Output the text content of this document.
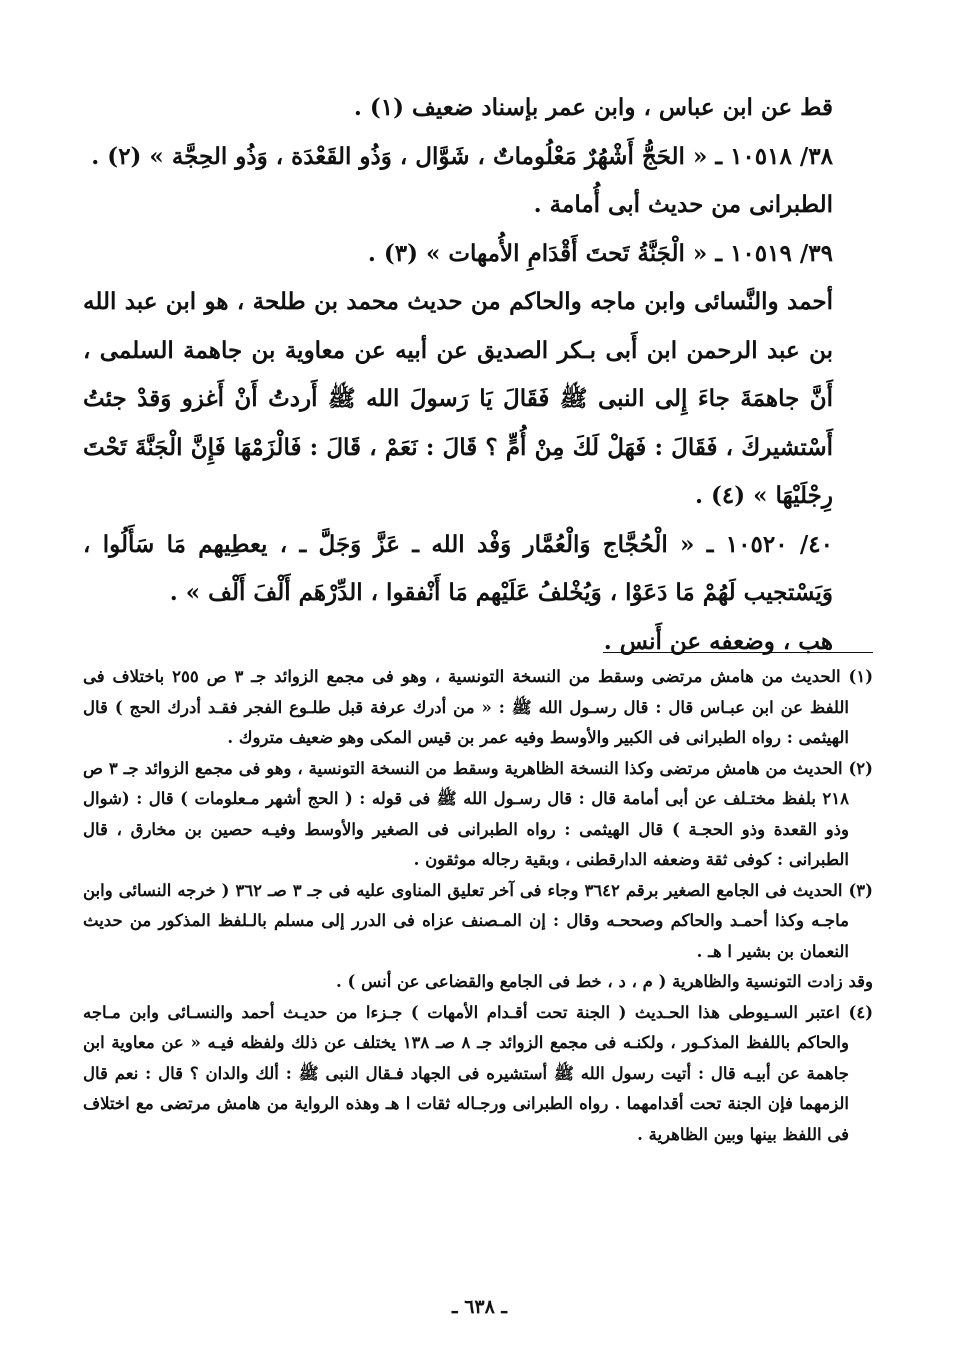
قط عن ابن عباس ، وابن عمر بإسناد ضعيف (١) .

٣٨/ ١٠٥١٨ ـ « الحَجُّ أَشْهُرٌ مَعْلُوماتٌ ، شَوَّال ، وَذُو القَعْدَة ، وَذُو الحِجَّة » (٢) .

الطبرانى من حديث أبى أُمامة .

٣٩/ ١٠٥١٩ ـ « الْجَنَّةُ تَحتَ أَقْدَامِ الأُمهات » (٣) .

أحمد والنَّسائى وابن ماجه والحاكم من حديث محمد بن طلحة ، هو ابن عبد الله بن عبد الرحمن ابن أَبى بـكر الصديق عن أبيه عن معاوية بن جاهمة السلمى ، أَنَّ جاهمَةَ جاءَ إِلى النبى ﷺ فَقَالَ يَا رَسولَ الله ﷺ أَردتُ أَنْ أَغزو وَقدْ جئتُ أَسْتشيركَ ، فَقَالَ : فَهَلْ لَكَ مِنْ أُمٍّ ؟ قَالَ : نَعَمْ ، قَالَ : فَالْزَمْهَا فَإِنَّ الْجَنَّةَ تَحْتَ رِجْلَيْهَا » (٤) .

٤٠/ ١٠٥٢٠ ـ « الْحُجَّاج وَالْعُمَّار وَفْد الله ـ عَزَّ وَجَلَّ ـ ، يعطِيهم مَا سَأَلُوا ، وَيَسْتجيب لَهُمْ مَا دَعَوْا ، وَيُخْلفُ عَلَيْهم مَا أَنْفقوا ، الدِّرْهَم أَلْفَ أَلْف » .

هب ، وضعفه عن أَنس .

(١) الحديث من هامش مرتضى وسقط من النسخة التونسية ، وهو فى مجمع الزوائد جـ ٣ ص ٢٥٥ باختلاف فى اللفظ عن ابن عبـاس قال : قال رسـول الله ﷺ : « من أدرك عرفة قبل طلـوع الفجر فقـد أدرك الحج ) قال الهيثمى : رواه الطبرانى فى الكبير والأوسط وفيه عمر بن قيس المكى وهو ضعيف متروك .

(٢) الحديث من هامش مرتضى وكذا النسخة الظاهرية وسقط من النسخة التونسية ، وهو فى مجمع الزوائد جـ ٣ ص ٢١٨ بلفظ مختـلف عن أبى أمامة قال : قال رسـول الله ﷺ فى قوله : ( الحج أشهر مـعلومات ) قال : (شوال وذو القعدة وذو الحجـة ) قال الهيثمى : رواه الطبرانى فى الصغير والأوسط وفيـه حصين بن مخارق ، قال الطبرانى : كوفى ثقة وضعفه الدارقطنى ، وبقية رجاله موثقون .

(٣) الحديث فى الجامع الصغير برقم ٣٦٤٢ وجاء فى آخر تعليق المناوى عليه فى جـ ٣ صـ ٣٦٢ ( خرجه النسائى وابن ماجـه وكذا أحمـد والحاكم وصححـه وقال : إن المـصنف عزاه فى الدرر إلى مسلم بالـلفظ المذكور من حديث النعمان بن بشير ا هـ .

وقد زادت التونسية والظاهرية ( م ، د ، خط فى الجامع والقضاعى عن أنس ) .

(٤) اعتبر السـيوطى هذا الحـديث ( الجنة تحت أقـدام الأمهات ) جـزءا من حديـث أحمد والنسـائى وابن مـاجه والحاكم باللفظ المذكـور ، ولكنـه فى مجمع الزوائد جـ ٨ صـ ١٣٨ يختلف عن ذلك ولفظه فيـه « عن معاوية ابن جاهمة عن أبيـه قال : أتيت رسول الله ﷺ أستشيره فى الجهاد فـقال النبى ﷺ : ألك والدان ؟ قال : نعم قال الزمهما فإن الجنة تحت أقدامهما . رواه الطبرانى ورجـاله ثقات ا هـ وهذه الرواية من هامش مرتضى مع اختلاف فى اللفظ بينها وبين الظاهرية .

ـ ٦٣٨ ـ
